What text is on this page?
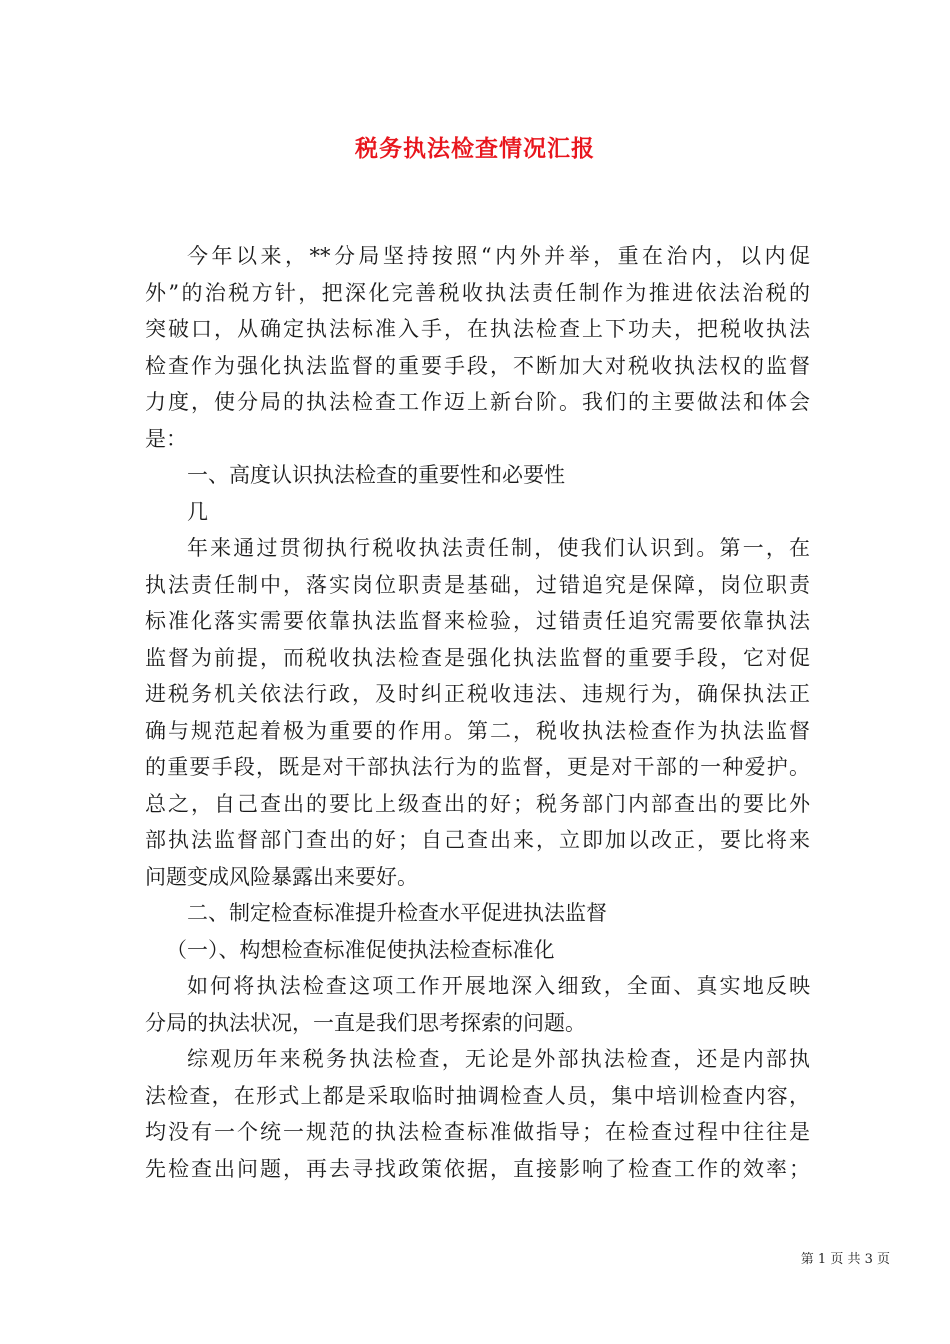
税务执法检查情况汇报
今年以来，**分局坚持按照“内外并举，重在治内，以内促
外”的治税方针，把深化完善税收执法责任制作为推进依法治税的
突破口，从确定执法标准入手，在执法检查上下功夫，把税收执法
检查作为强化执法监督的重要手段，不断加大对税收执法权的监督
力度，使分局的执法检查工作迈上新台阶。我们的主要做法和体会
是：
一、高度认识执法检查的重要性和必要性
几
年来通过贯彻执行税收执法责任制，使我们认识到。第一，在
执法责任制中，落实岗位职责是基础，过错追究是保障，岗位职责
标准化落实需要依靠执法监督来检验，过错责任追究需要依靠执法
监督为前提，而税收执法检查是强化执法监督的重要手段，它对促
进税务机关依法行政，及时纠正税收违法、违规行为，确保执法正
确与规范起着极为重要的作用。第二，税收执法检查作为执法监督
的重要手段，既是对干部执法行为的监督，更是对干部的一种爱护。
总之，自己查出的要比上级查出的好；税务部门内部查出的要比外
部执法监督部门查出的好；自己查出来，立即加以改正，要比将来
问题变成风险暴露出来要好。
二、制定检查标准提升检查水平促进执法监督
（一）、构想检查标准促使执法检查标准化
如何将执法检查这项工作开展地深入细致，全面、真实地反映
分局的执法状况，一直是我们思考探索的问题。
综观历年来税务执法检查，无论是外部执法检查，还是内部执
法检查，在形式上都是采取临时抽调检查人员，集中培训检查内容，
均没有一个统一规范的执法检查标准做指导；在检查过程中往往是
先检查出问题，再去寻找政策依据，直接影响了检查工作的效率；
第 1 页 共 3 页
